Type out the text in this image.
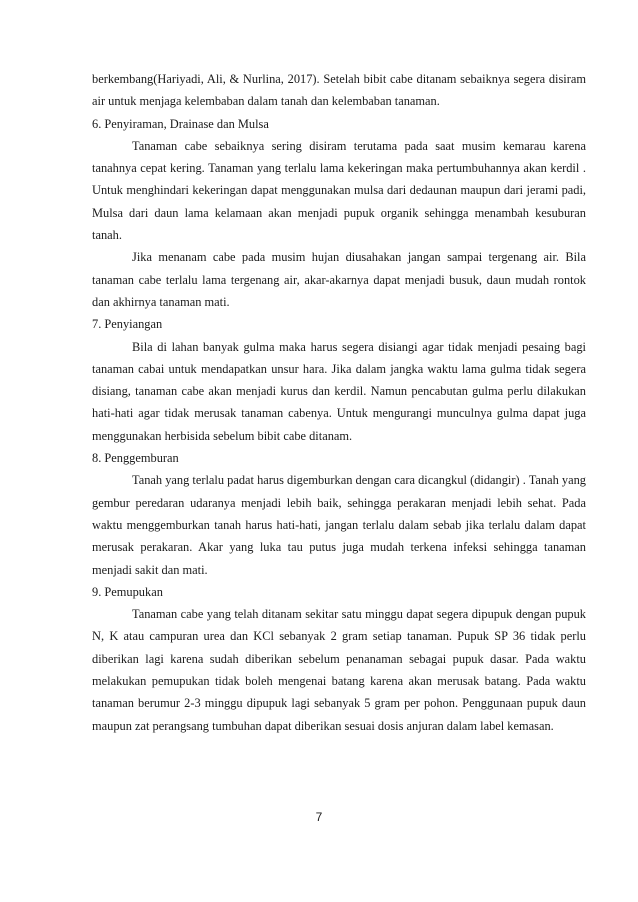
berkembang(Hariyadi, Ali, & Nurlina, 2017). Setelah bibit cabe ditanam sebaiknya segera disiram air untuk menjaga kelembaban dalam tanah dan kelembaban tanaman.

6. Penyiraman, Drainase dan Mulsa

Tanaman cabe sebaiknya sering disiram terutama pada saat musim kemarau karena tanahnya cepat kering. Tanaman yang terlalu lama kekeringan maka pertumbuhannya akan kerdil . Untuk menghindari kekeringan dapat menggunakan mulsa dari dedaunan maupun dari jerami padi, Mulsa dari daun lama kelamaan akan menjadi pupuk organik sehingga menambah kesuburan tanah.

Jika menanam cabe pada musim hujan diusahakan jangan sampai tergenang air. Bila tanaman cabe terlalu lama tergenang air, akar-akarnya dapat menjadi busuk, daun mudah rontok dan akhirnya tanaman mati.

7. Penyiangan

Bila di lahan banyak gulma maka harus segera disiangi agar tidak menjadi pesaing bagi tanaman cabai untuk mendapatkan unsur hara. Jika dalam jangka waktu lama gulma tidak segera disiang, tanaman cabe akan menjadi kurus dan kerdil. Namun pencabutan gulma perlu dilakukan hati-hati agar tidak merusak tanaman cabenya. Untuk mengurangi munculnya gulma dapat juga menggunakan herbisida sebelum bibit cabe ditanam.

8. Penggemburan

Tanah yang terlalu padat harus digemburkan dengan cara dicangkul (didangir) . Tanah yang gembur peredaran udaranya menjadi lebih baik, sehingga perakaran menjadi lebih sehat. Pada waktu menggemburkan tanah harus hati-hati, jangan terlalu dalam sebab jika terlalu dalam dapat merusak perakaran. Akar yang luka tau putus juga mudah terkena infeksi sehingga tanaman menjadi sakit dan mati.

9. Pemupukan

Tanaman cabe yang telah ditanam sekitar satu minggu dapat segera dipupuk dengan pupuk N, K atau campuran urea dan KCl sebanyak 2 gram setiap tanaman. Pupuk SP 36 tidak perlu diberikan lagi karena sudah diberikan sebelum penanaman sebagai pupuk dasar. Pada waktu melakukan pemupukan tidak boleh mengenai batang karena akan merusak batang. Pada waktu tanaman berumur 2-3 minggu dipupuk lagi sebanyak 5 gram per pohon. Penggunaan pupuk daun maupun zat perangsang tumbuhan dapat diberikan sesuai dosis anjuran dalam label kemasan.

7
